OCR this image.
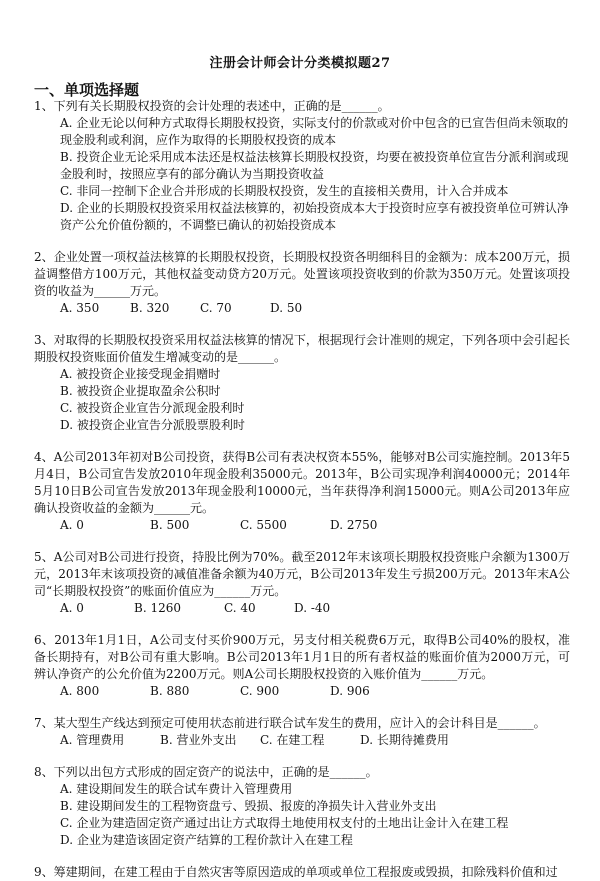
注册会计师会计分类模拟题27
一、单项选择题
1、下列有关长期股权投资的会计处理的表述中，正确的是______。
A. 企业无论以何种方式取得长期股权投资，实际支付的价款或对价中包含的已宣告但尚未领取的现金股利或利润，应作为取得的长期股权投资的成本
B. 投资企业无论采用成本法还是权益法核算长期股权投资，均要在被投资单位宣告分派利润或现金股利时，按照应享有的部分确认为当期投资收益
C. 非同一控制下企业合并形成的长期股权投资，发生的直接相关费用，计入合并成本
D. 企业的长期股权投资采用权益法核算的，初始投资成本大于投资时应享有被投资单位可辨认净资产公允价值份额的，不调整已确认的初始投资成本
2、企业处置一项权益法核算的长期股权投资，长期股权投资各明细科目的金额为：成本200万元，损益调整借方100万元，其他权益变动贷方20万元。处置该项投资收到的价款为350万元。处置该项投资的收益为______万元。
A. 350	B. 320	C. 70	D. 50
3、对取得的长期股权投资采用权益法核算的情况下，根据现行会计准则的规定，下列各项中会引起长期股权投资账面价值发生增减变动的是______。
A. 被投资企业接受现金捐赠时
B. 被投资企业提取盈余公积时
C. 被投资企业宣告分派现金股利时
D. 被投资企业宣告分派股票股利时
4、A公司2013年初对B公司投资，获得B公司有表决权资本55%，能够对B公司实施控制。2013年5月4日，B公司宣告发放2010年现金股利35000元。2013年，B公司实现净利润40000元；2014年5月10日B公司宣告发放2013年现金股利10000元，当年获得净利润15000元。则A公司2013年应确认投资收益的金额为______元。
A. 0	B. 500	C. 5500	D. 2750
5、A公司对B公司进行投资，持股比例为70%。截至2012年末该项长期股权投资账户余额为1300万元，2013年末该项投资的减值准备余额为40万元，B公司2013年发生亏损200万元。2013年末A公司“长期股权投资”的账面价值应为______万元。
A. 0	B. 1260	C. 40	D. -40
6、2013年1月1日，A公司支付买价900万元，另支付相关税费6万元，取得B公司40%的股权，准备长期持有，对B公司有重大影响。B公司2013年1月1日的所有者权益的账面价值为2000万元，可辨认净资产的公允价值为2200万元。则A公司长期股权投资的入账价值为______万元。
A. 800	B. 880	C. 900	D. 906
7、某大型生产线达到预定可使用状态前进行联合试车发生的费用，应计入的会计科目是______。
A. 管理费用	B. 营业外支出 C. 在建工程	D. 长期待摊费用
8、下列以出包方式形成的固定资产的说法中，正确的是______。
A. 建设期间发生的联合试车费计入管理费用
B. 建设期间发生的工程物资盘亏、毁损、报废的净损失计入营业外支出
C. 企业为建造固定资产通过出让方式取得土地使用权支付的土地出让金计入在建工程
D. 企业为建造该固定资产结算的工程价款计入在建工程
9、筹建期间，在建工程由于自然灾害等原因造成的单项或单位工程报废或毁损，扣除残料价值和过
